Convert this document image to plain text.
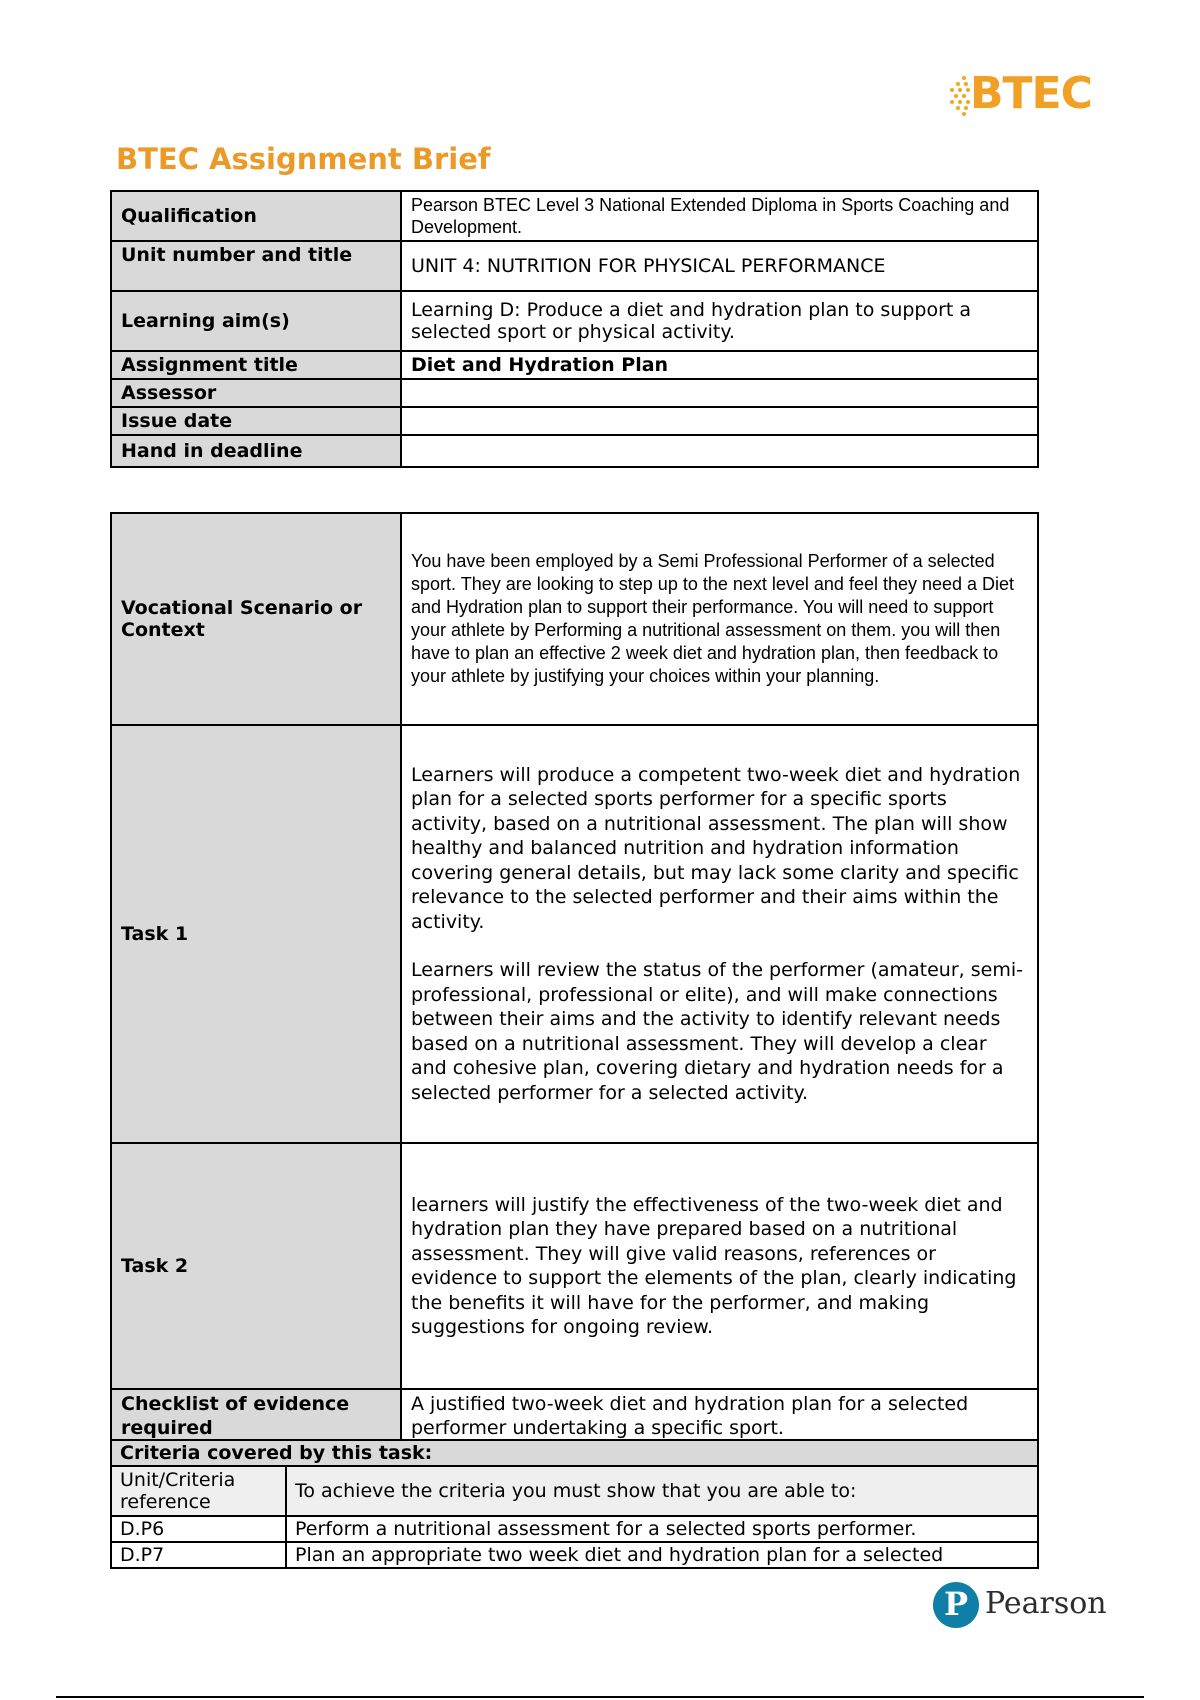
BTEC
BTEC Assignment Brief
Qualification	Pearson BTEC Level 3 National Extended Diploma in Sports Coaching and Development.
Unit number and title	UNIT 4: NUTRITION FOR PHYSICAL PERFORMANCE
Learning aim(s)	Learning D: Produce a diet and hydration plan to support a selected sport or physical activity.
Assignment title	Diet and Hydration Plan
Assessor	
Issue date	
Hand in deadline	
Vocational Scenario or Context	You have been employed by a Semi Professional Performer of a selected sport. They are looking to step up to the next level and feel they need a Diet and Hydration plan to support their performance. You will need to support your athlete by Performing a nutritional assessment on them. you will then have to plan an effective 2 week diet and hydration plan, then feedback to your athlete by justifying your choices within your planning.
Task 1	Learners will produce a competent two-week diet and hydration plan for a selected sports performer for a specific sports activity, based on a nutritional assessment. The plan will show healthy and balanced nutrition and hydration information covering general details, but may lack some clarity and specific relevance to the selected performer and their aims within the activity.

Learners will review the status of the performer (amateur, semi-professional, professional or elite), and will make connections between their aims and the activity to identify relevant needs based on a nutritional assessment. They will develop a clear and cohesive plan, covering dietary and hydration needs for a selected performer for a selected activity.

Task 2	learners will justify the effectiveness of the two-week diet and hydration plan they have prepared based on a nutritional assessment. They will give valid reasons, references or evidence to support the elements of the plan, clearly indicating the benefits it will have for the performer, and making suggestions for ongoing review.
Checklist of evidence required	A justified two-week diet and hydration plan for a selected performer undertaking a specific sport.
Criteria covered by this task:	
Unit/Criteria reference	To achieve the criteria you must show that you are able to:
D.P6	Perform a nutritional assessment for a selected sports performer.
D.P7	Plan an appropriate two week diet and hydration plan for a selected
P Pearson
